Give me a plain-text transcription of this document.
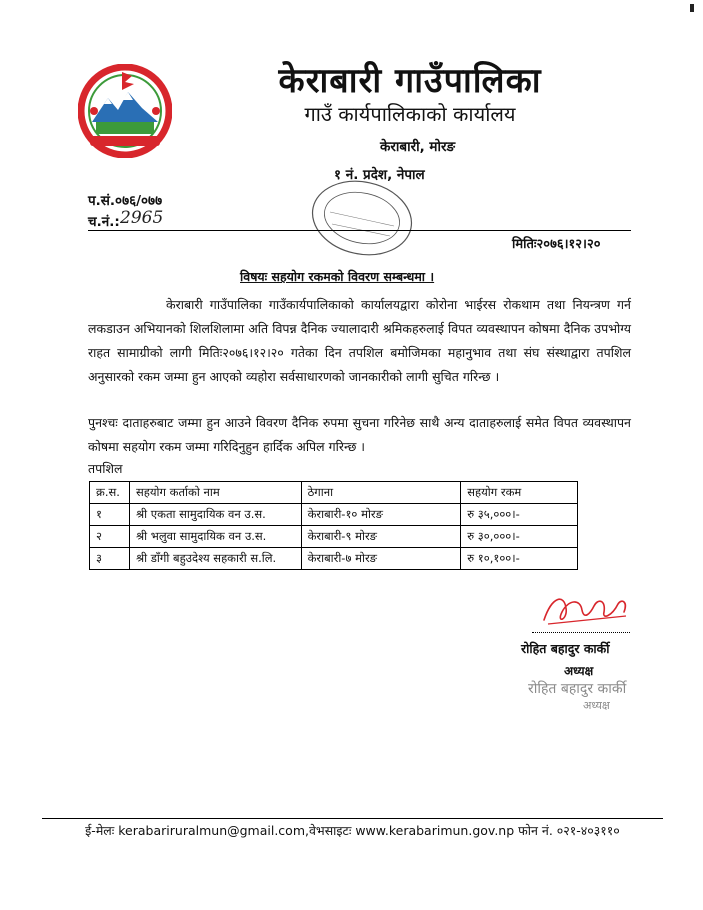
केराबारी गाउँपालिका
गाउँ कार्यपालिकाको कार्यालय
केराबारी, मोरङ
१ नं. प्रदेश, नेपाल
प.सं.०७६/०७७
च.नं.: 2965
मितिः२०७६।१२।२०
विषयः सहयोग रकमको विवरण सम्बन्धमा ।
केराबारी गाउँपालिका गाउँकार्यपालिकाको कार्यालयद्वारा कोरोना भाईरस रोकथाम तथा नियन्त्रण गर्न लकडाउन अभियानको शिलशिलामा अति विपन्न दैनिक ज्यालादारी श्रमिकहरुलाई विपत व्यवस्थापन कोषमा दैनिक उपभोग्य राहत सामाग्रीको लागी मितिः२०७६।१२।२० गतेका दिन तपशिल बमोजिमका महानुभाव तथा संघ संस्थाद्वारा तपशिल अनुसारको रकम जम्मा हुन आएको व्यहोरा सर्वसाधारणको जानकारीको लागी सुचित गरिन्छ ।
पुनश्चः दाताहरुबाट जम्मा हुन आउने विवरण दैनिक रुपमा सुचना गरिनेछ साथै अन्य दाताहरुलाई समेत विपत व्यवस्थापन कोषमा सहयोग रकम जम्मा गरिदिनुहुन हार्दिक अपिल गरिन्छ ।
तपशिल
क्र.स.	सहयोग कर्ताको नाम	ठेगाना	सहयोग रकम
१	श्री एकता सामुदायिक वन उ.स.	केराबारी-१० मोरङ	रु ३५,०००।-
२	श्री भलुवा सामुदायिक वन उ.स.	केराबारी-९ मोरङ	रु ३०,०००।-
३	श्री डाँगी बहुउदेश्य सहकारी स.लि.	केराबारी-७ मोरङ	रु १०,१००।-
रोहित बहादुर कार्की
अध्यक्ष
रोहित बहादुर कार्की
अध्यक्ष
ई-मेलः kerabariruralmun@gmail.com,वेभसाइटः www.kerabarimun.gov.np फोन नं. ०२१-४०३११०
